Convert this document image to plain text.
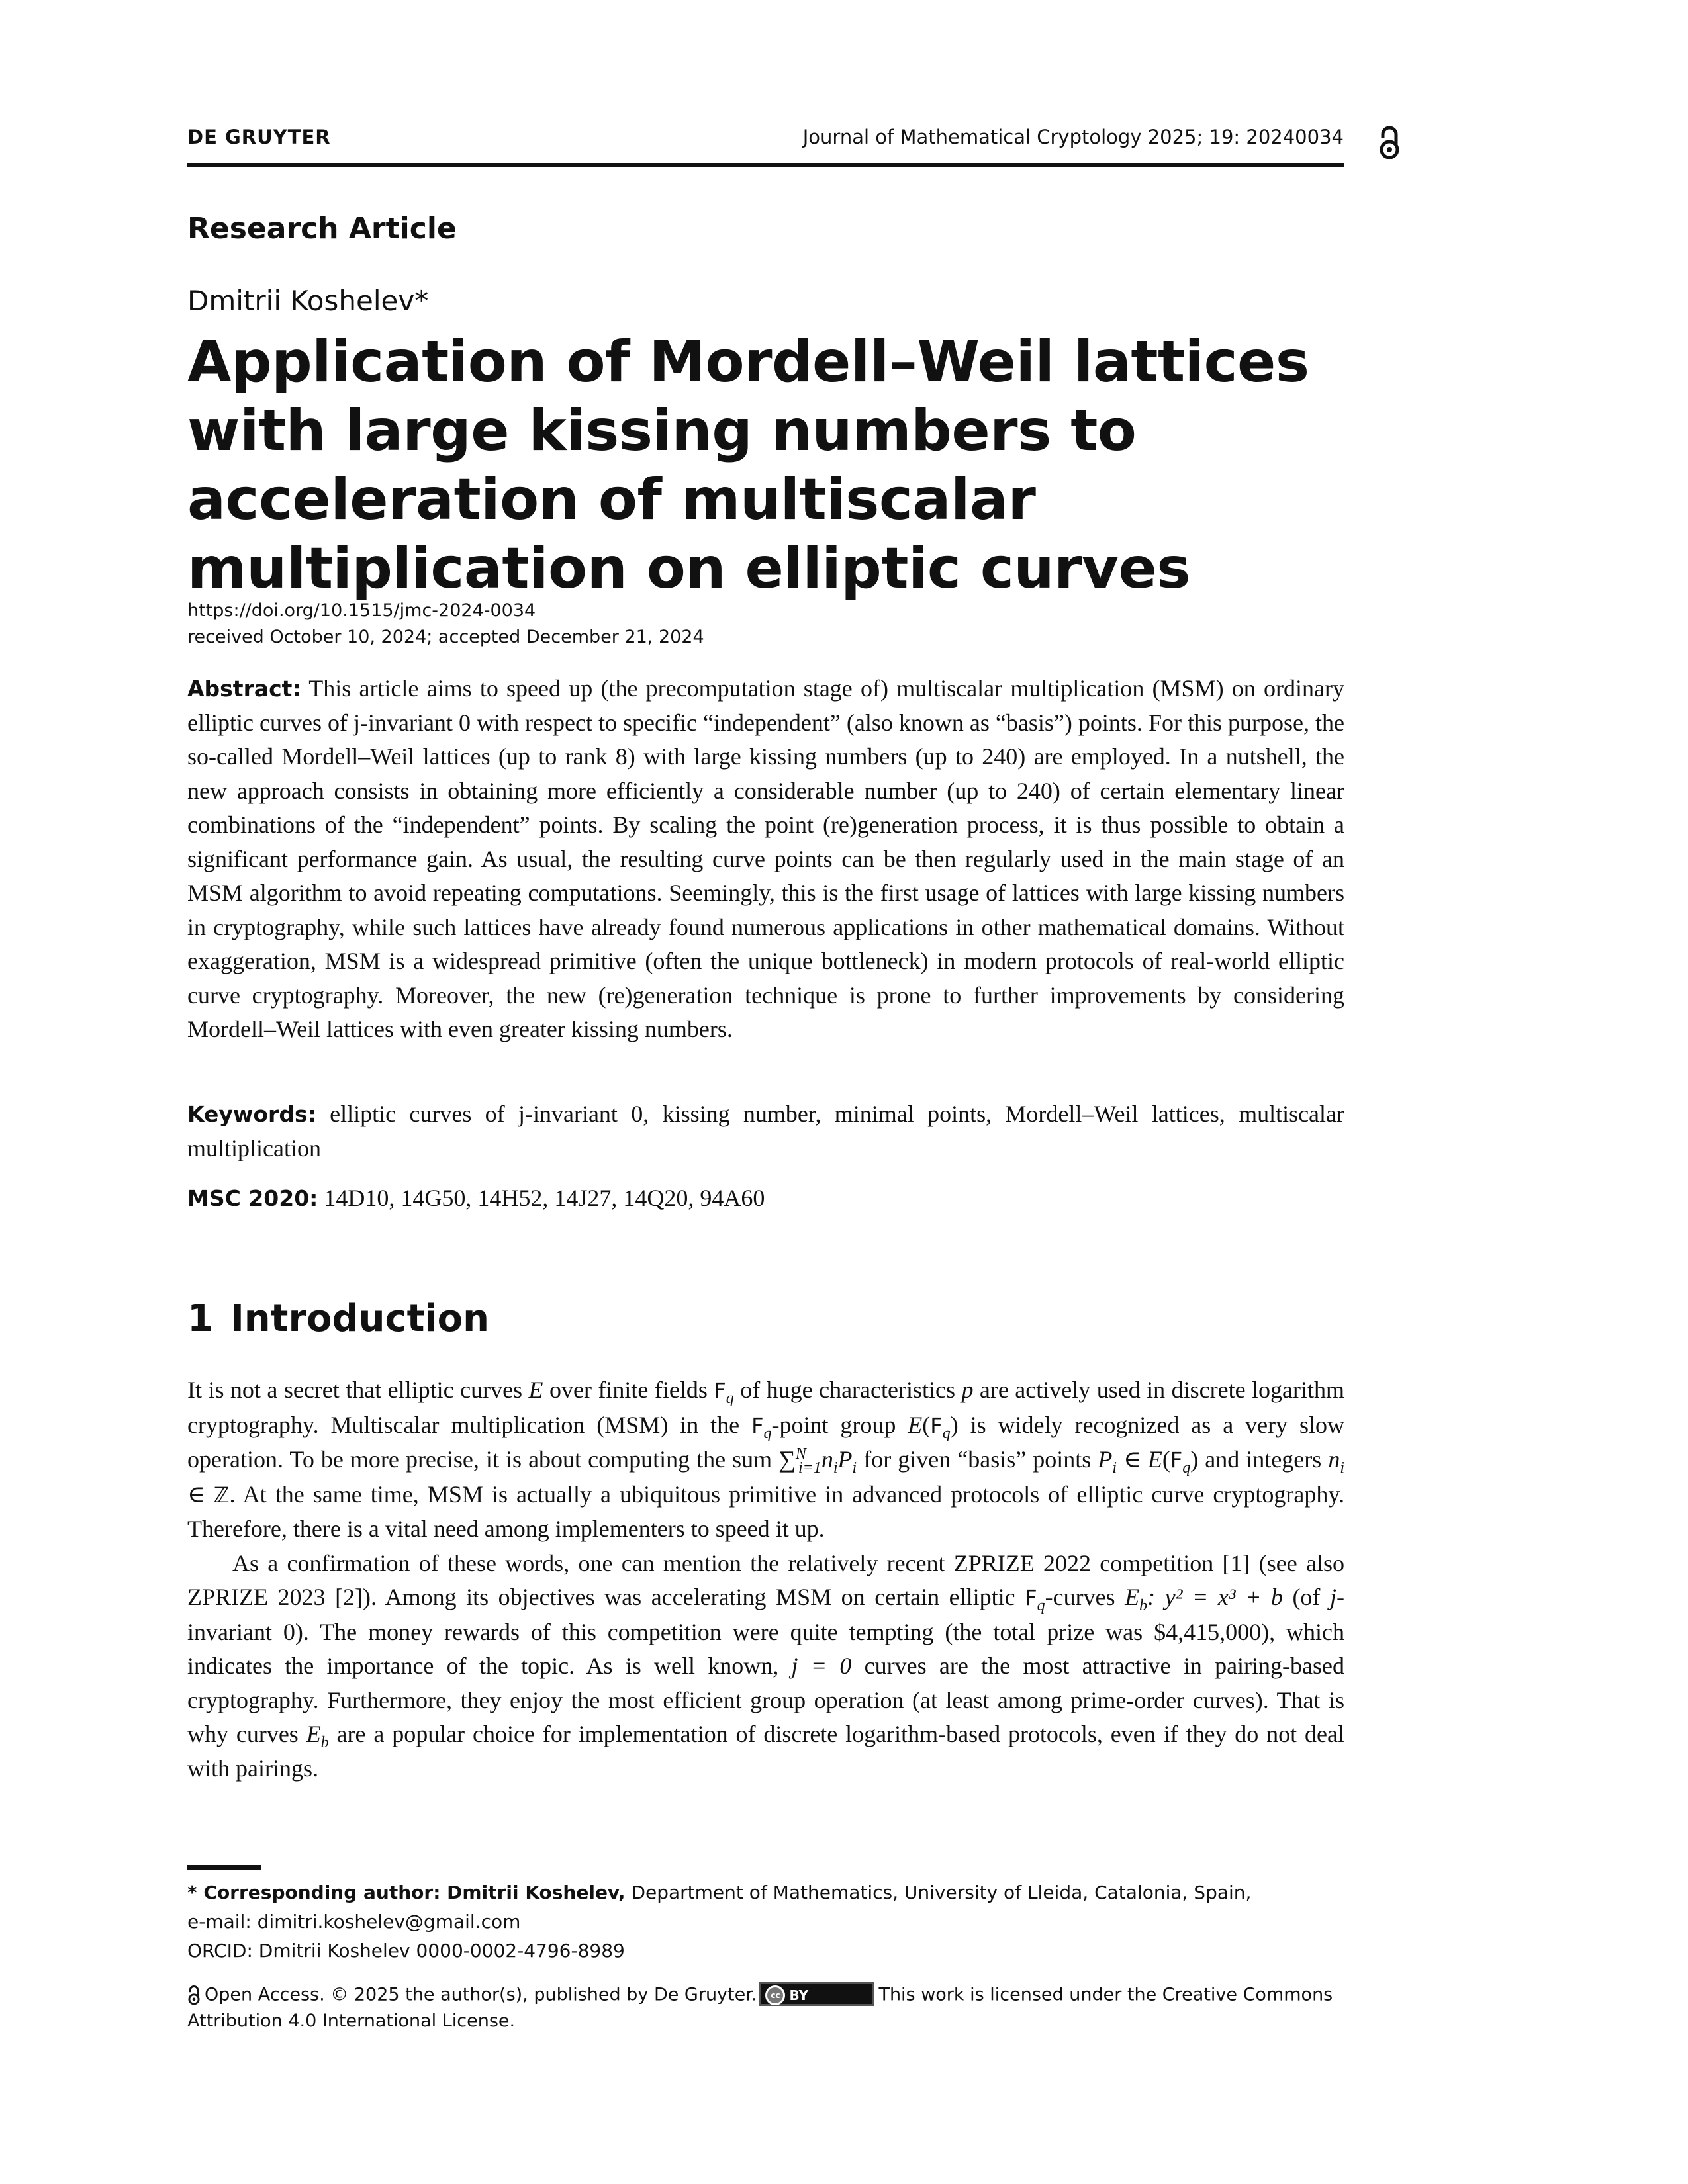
DE GRUYTER	Journal of Mathematical Cryptology 2025; 19: 20240034
Research Article
Dmitrii Koshelev*
Application of Mordell–Weil lattices with large kissing numbers to acceleration of multiscalar multiplication on elliptic curves
https://doi.org/10.1515/jmc-2024-0034
received October 10, 2024; accepted December 21, 2024
Abstract: This article aims to speed up (the precomputation stage of) multiscalar multiplication (MSM) on ordinary elliptic curves of j-invariant 0 with respect to specific “independent” (also known as “basis”) points. For this purpose, the so-called Mordell–Weil lattices (up to rank 8) with large kissing numbers (up to 240) are employed. In a nutshell, the new approach consists in obtaining more efficiently a considerable number (up to 240) of certain elementary linear combinations of the “independent” points. By scaling the point (re)generation process, it is thus possible to obtain a significant performance gain. As usual, the resulting curve points can be then regularly used in the main stage of an MSM algorithm to avoid repeating computations. Seemingly, this is the first usage of lattices with large kissing numbers in cryptography, while such lattices have already found numerous applications in other mathematical domains. Without exaggeration, MSM is a widespread primitive (often the unique bottleneck) in modern protocols of real-world elliptic curve cryptography. Moreover, the new (re)generation technique is prone to further improvements by considering Mordell–Weil lattices with even greater kissing numbers.
Keywords: elliptic curves of j-invariant 0, kissing number, minimal points, Mordell–Weil lattices, multiscalar multiplication
MSC 2020: 14D10, 14G50, 14H52, 14J27, 14Q20, 94A60
1 Introduction

It is not a secret that elliptic curves E over finite fields $F_q$ of huge characteristics p are actively used in discrete logarithm cryptography. Multiscalar multiplication (MSM) in the $F_q$-point group $E(F_q)$ is widely recognized as a very slow operation. To be more precise, it is about computing the sum $\sum^N_{i=1}n_iP_i$ for given “basis” points $P_i$ ∈ $E(F_q)$ and integers $n_i$ ∈ ℤ. At the same time, MSM is actually a ubiquitous primitive in advanced protocols of elliptic curve cryptography. Therefore, there is a vital need among implementers to speed it up.

As a confirmation of these words, one can mention the relatively recent ZPRIZE 2022 competition [1] (see also ZPRIZE 2023 [2]). Among its objectives was accelerating MSM on certain elliptic $F_q$-curves $E_b$: y² = x³ + b (of j-invariant 0). The money rewards of this competition were quite tempting (the total prize was $4,415,000), which indicates the importance of the topic. As is well known, j = 0 curves are the most attractive in pairing-based cryptography. Furthermore, they enjoy the most efficient group operation (at least among prime-order curves). That is why curves $E_b$ are a popular choice for implementation of discrete logarithm-based protocols, even if they do not deal with pairings.

* Corresponding author: Dmitrii Koshelev, Department of Mathematics, University of Lleida, Catalonia, Spain,
e-mail: dimitri.koshelev@gmail.com
ORCID: Dmitrii Koshelev 0000-0002-4796-8989
Open Access. © 2025 the author(s), published by De Gruyter. cc BY	This work is licensed under the Creative Commons Attribution 4.0 International License.
